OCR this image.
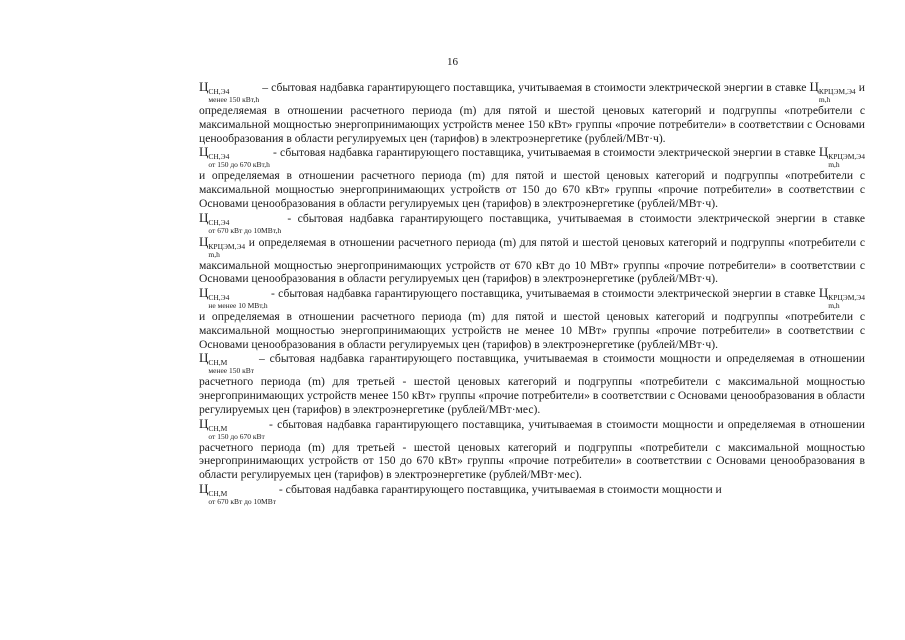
16

Ц СН,Э4
менее 150 кВт,h
– сбытовая надбавка гарантирующего поставщика, учитываемая в стоимости электрической энергии в ставке Ц КРЦЭМ,Э4
m,h
и определяемая в отношении расчетного периода (m) для пятой и шестой ценовых категорий и подгруппы «потребители с максимальной мощностью энергопринимающих устройств менее 150 кВт» группы «прочие потребители» в соответствии с Основами ценообразования в области регулируемых цен (тарифов) в электроэнергетике (рублей/МВт·ч).

Ц СН,Э4
от 150 до 670 кВт,h
- сбытовая надбавка гарантирующего поставщика, учитываемая в стоимости электрической энергии в ставке Ц КРЦЭМ,Э4
m,h
и определяемая в отношении расчетного периода (m) для пятой и шестой ценовых категорий и подгруппы «потребители с максимальной мощностью энергопринимающих устройств от 150 до 670 кВт» группы «прочие потребители» в соответствии с Основами ценообразования в области регулируемых цен (тарифов) в электроэнергетике (рублей/МВт·ч).

Ц СН,Э4
от 670 кВт до 10МВт,h
- сбытовая надбавка гарантирующего поставщика, учитываемая в стоимости электрической энергии в ставке Ц КРЦЭМ,Э4
m,h
и определяемая в отношении расчетного периода (m) для пятой и шестой ценовых категорий и подгруппы «потребители с максимальной мощностью энергопринимающих устройств от 670 кВт до 10 МВт» группы «прочие потребители» в соответствии с Основами ценообразования в области регулируемых цен (тарифов) в электроэнергетике (рублей/МВт·ч).

Ц СН,Э4
не менее 10 МВт,h
- сбытовая надбавка гарантирующего поставщика, учитываемая в стоимости электрической энергии в ставке Ц КРЦЭМ,Э4
m,h
и определяемая в отношении расчетного периода (m) для пятой и шестой ценовых категорий и подгруппы «потребители с максимальной мощностью энергопринимающих устройств не менее 10 МВт» группы «прочие потребители» в соответствии с Основами ценообразования в области регулируемых цен (тарифов) в электроэнергетике (рублей/МВт·ч).

Ц СН,М
менее 150 кВт
– сбытовая надбавка гарантирующего поставщика, учитываемая в стоимости мощности и определяемая в отношении расчетного периода (m) для третьей - шестой ценовых категорий и подгруппы «потребители с максимальной мощностью энергопринимающих устройств менее 150 кВт» группы «прочие потребители» в соответствии с Основами ценообразования в области регулируемых цен (тарифов) в электроэнергетике (рублей/МВт·мес).

Ц СН,М
от 150 до 670 кВт
- сбытовая надбавка гарантирующего поставщика, учитываемая в стоимости мощности и определяемая в отношении расчетного периода (m) для третьей - шестой ценовых категорий и подгруппы «потребители с максимальной мощностью энергопринимающих устройств от 150 до 670 кВт» группы «прочие потребители» в соответствии с Основами ценообразования в области регулируемых цен (тарифов) в электроэнергетике (рублей/МВт·мес).

Ц СН,М
от 670 кВт до 10МВт
- сбытовая надбавка гарантирующего поставщика, учитываемая в стоимости мощности и
